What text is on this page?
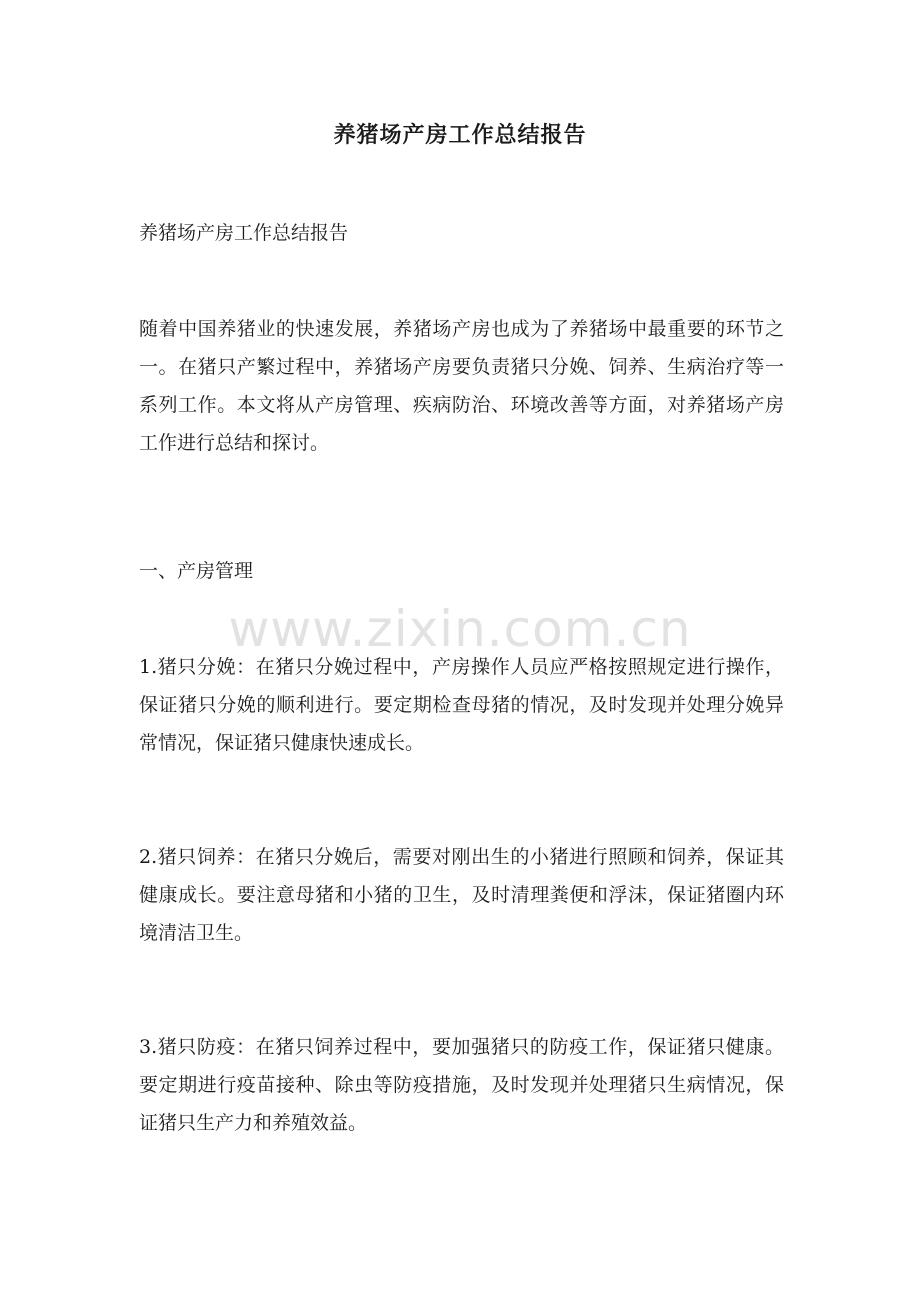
养猪场产房工作总结报告

养猪场产房工作总结报告

随着中国养猪业的快速发展，养猪场产房也成为了养猪场中最重要的环节之一。在猪只产繁过程中，养猪场产房要负责猪只分娩、饲养、生病治疗等一系列工作。本文将从产房管理、疾病防治、环境改善等方面，对养猪场产房工作进行总结和探讨。

一、产房管理

1.猪只分娩：在猪只分娩过程中，产房操作人员应严格按照规定进行操作，保证猪只分娩的顺利进行。要定期检查母猪的情况，及时发现并处理分娩异常情况，保证猪只健康快速成长。

2.猪只饲养：在猪只分娩后，需要对刚出生的小猪进行照顾和饲养，保证其健康成长。要注意母猪和小猪的卫生，及时清理粪便和浮沫，保证猪圈内环境清洁卫生。

3.猪只防疫：在猪只饲养过程中，要加强猪只的防疫工作，保证猪只健康。要定期进行疫苗接种、除虫等防疫措施，及时发现并处理猪只生病情况，保证猪只生产力和养殖效益。

www.zixin.com.cn
